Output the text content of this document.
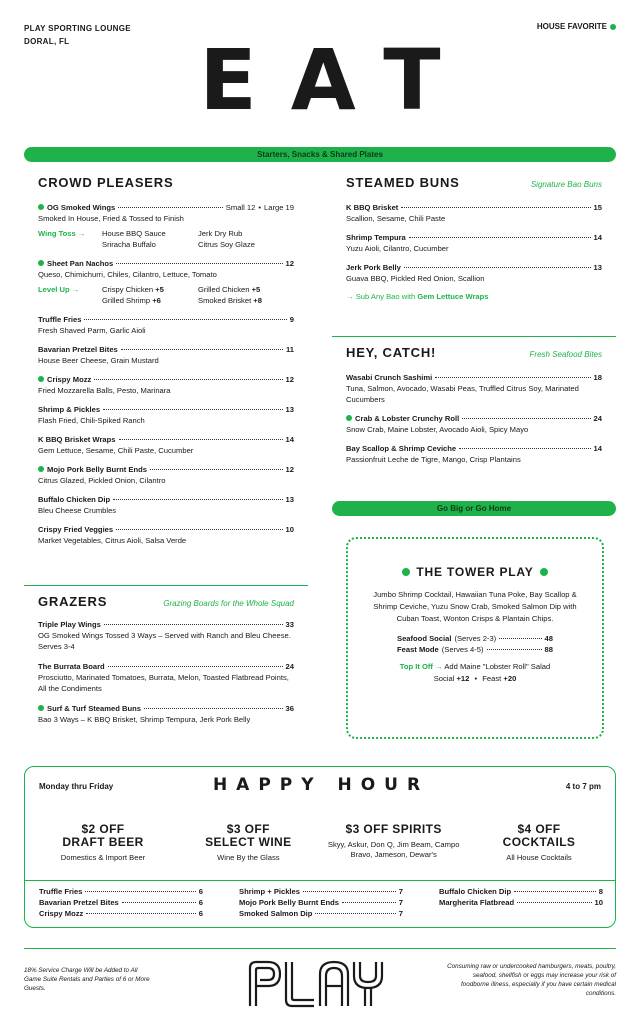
PLAY SPORTING LOUNGE
DORAL, FL
HOUSE FAVORITE
EAT
Starters, Snacks & Shared Plates
CROWD PLEASERS
OG Smoked Wings	Small 12 • Large 19
Smoked In House, Fried & Tossed to Finish
Wing Toss →	House BBQ Sauce	Jerk Dry Rub
Sriracha Buffalo	Citrus Soy Glaze
Sheet Pan Nachos	12
Queso, Chimichurri, Chiles, Cilantro, Lettuce, Tomato
Level Up →	Crispy Chicken +5	Grilled Chicken +5
Grilled Shrimp +6	Smoked Brisket +8
Truffle Fries	9
Fresh Shaved Parm, Garlic Aioli
Bavarian Pretzel Bites	11
House Beer Cheese, Grain Mustard
Crispy Mozz	12
Fried Mozzarella Balls, Pesto, Marinara
Shrimp & Pickles	13
Flash Fried, Chili-Spiked Ranch
K BBQ Brisket Wraps	14
Gem Lettuce, Sesame, Chili Paste, Cucumber
Mojo Pork Belly Burnt Ends	12
Citrus Glazed, Pickled Onion, Cilantro
Buffalo Chicken Dip	13
Bleu Cheese Crumbles
Crispy Fried Veggies	10
Market Vegetables, Citrus Aioli, Salsa Verde
GRAZERS	Grazing Boards for the Whole Squad
Triple Play Wings	33
OG Smoked Wings Tossed 3 Ways – Served with Ranch and Bleu Cheese. Serves 3-4
The Burrata Board	24
Prosciutto, Marinated Tomatoes, Burrata, Melon, Toasted Flatbread Points, All the Condiments
Surf & Turf Steamed Buns	36
Bao 3 Ways – K BBQ Brisket, Shrimp Tempura, Jerk Pork Belly
STEAMED BUNS	Signature Bao Buns
K BBQ Brisket	15
Scallion, Sesame, Chili Paste
Shrimp Tempura	14
Yuzu Aioli, Cilantro, Cucumber
Jerk Pork Belly	13
Guava BBQ, Pickled Red Onion, Scallion
→ Sub Any Bao with Gem Lettuce Wraps
HEY, CATCH!	Fresh Seafood Bites
Wasabi Crunch Sashimi	18
Tuna, Salmon, Avocado, Wasabi Peas, Truffled Citrus Soy, Marinated Cucumbers
Crab & Lobster Crunchy Roll	24
Snow Crab, Maine Lobster, Avocado Aioli, Spicy Mayo
Bay Scallop & Shrimp Ceviche	14
Passionfruit Leche de Tigre, Mango, Crisp Plantains
Go Big or Go Home
THE TOWER PLAY
Jumbo Shrimp Cocktail, Hawaiian Tuna Poke, Bay Scallop & Shrimp Ceviche, Yuzu Snow Crab, Smoked Salmon Dip with Cuban Toast, Wonton Crisps & Plantain Chips.
Seafood Social (Serves 2-3)	48
Feast Mode (Serves 4-5)	88
Top It Off → Add Maine "Lobster Roll" Salad
Social +12 • Feast +20
Monday thru Friday	HAPPY HOUR	4 to 7 pm
$2 OFF
DRAFT BEER
Domestics & Import Beer
$3 OFF
SELECT WINE
Wine By the Glass
$3 OFF SPIRITS
Skyy, Askur, Don Q, Jim Beam, Campo Bravo, Jameson, Dewar's
$4 OFF
COCKTAILS
All House Cocktails
Truffle Fries	6
Bavarian Pretzel Bites	6
Crispy Mozz	6
Shrimp + Pickles	7
Mojo Pork Belly Burnt Ends	7
Smoked Salmon Dip	7
Buffalo Chicken Dip	8
Margherita Flatbread	10
18% Service Charge Will be Added to All Game Suite Rentals and Parties of 6 or More Guests.
Consuming raw or undercooked hamburgers, meats, poultry, seafood, shellfish or eggs may increase your risk of foodborne illness, especially if you have certain medical conditions.
